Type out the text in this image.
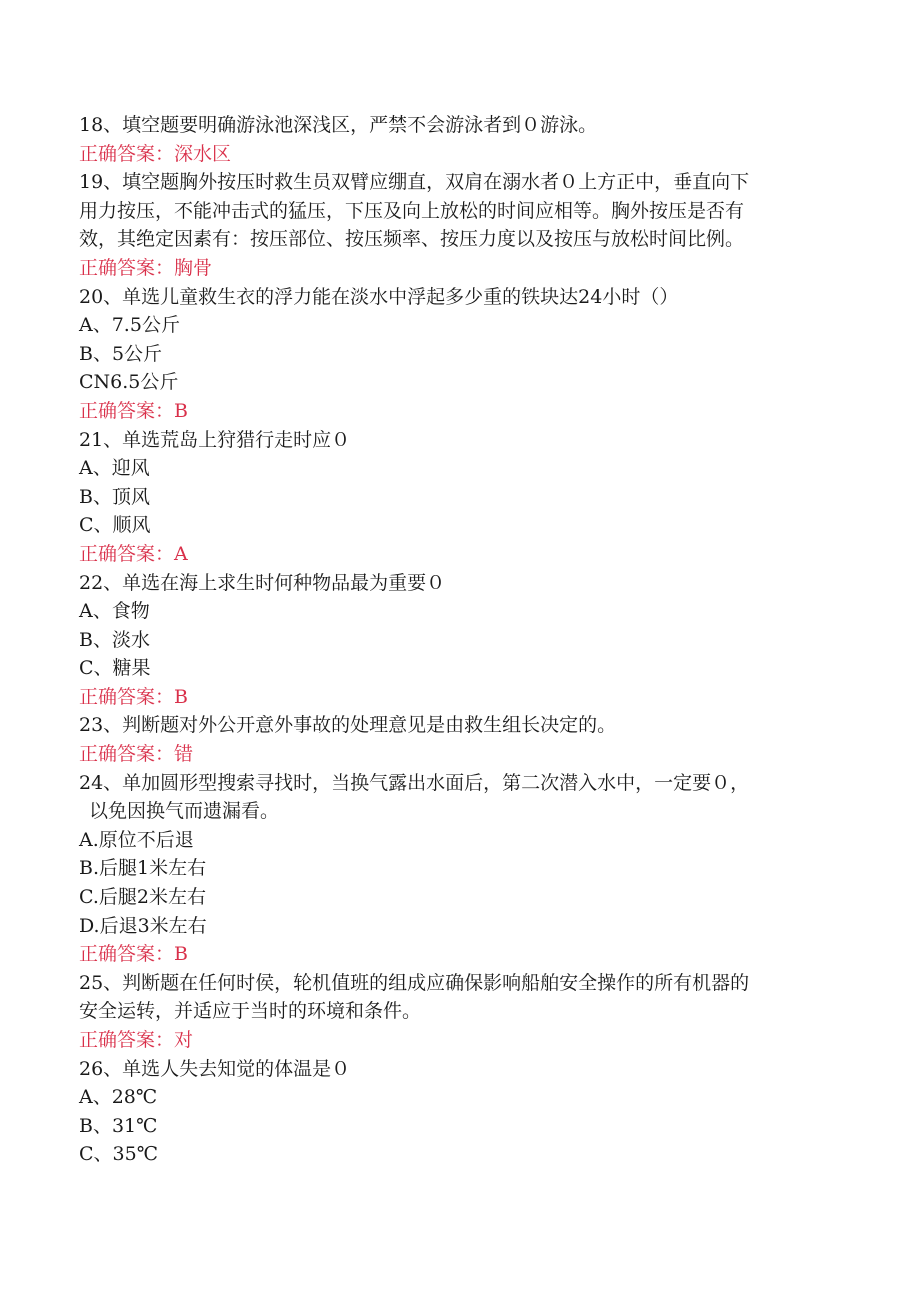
18、填空题要明确游泳池深浅区，严禁不会游泳者到０游泳。
正确答案：深水区
19、填空题胸外按压时救生员双臂应绷直，双肩在溺水者０上方正中，垂直向下
用力按压，不能冲击式的猛压，下压及向上放松的时间应相等。胸外按压是否有
效，其绝定因素有：按压部位、按压频率、按压力度以及按压与放松时间比例。
正确答案：胸骨
20、单选儿童救生衣的浮力能在淡水中浮起多少重的铁块达24小时（）
A、7.5公斤
B、5公斤
CN6.5公斤
正确答案：B
21、单选荒岛上狩猎行走时应０
A、迎风
B、顶风
C、顺风
正确答案：A
22、单选在海上求生时何种物品最为重要０
A、食物
B、淡水
C、糖果
正确答案：B
23、判断题对外公开意外事故的处理意见是由救生组长决定的。
正确答案：错
24、单加圆形型搜索寻找时，当换气露出水面后，第二次潜入水中，一定要０，
以免因换气而遗漏看。
A.原位不后退
B.后腿1米左右
C.后腿2米左右
D.后退3米左右
正确答案：B
25、判断题在任何时侯，轮机值班的组成应确保影响船舶安全操作的所有机器的
安全运转，并适应于当时的环境和条件。
正确答案：对
26、单选人失去知觉的体温是０
A、28℃
B、31℃
C、35℃
